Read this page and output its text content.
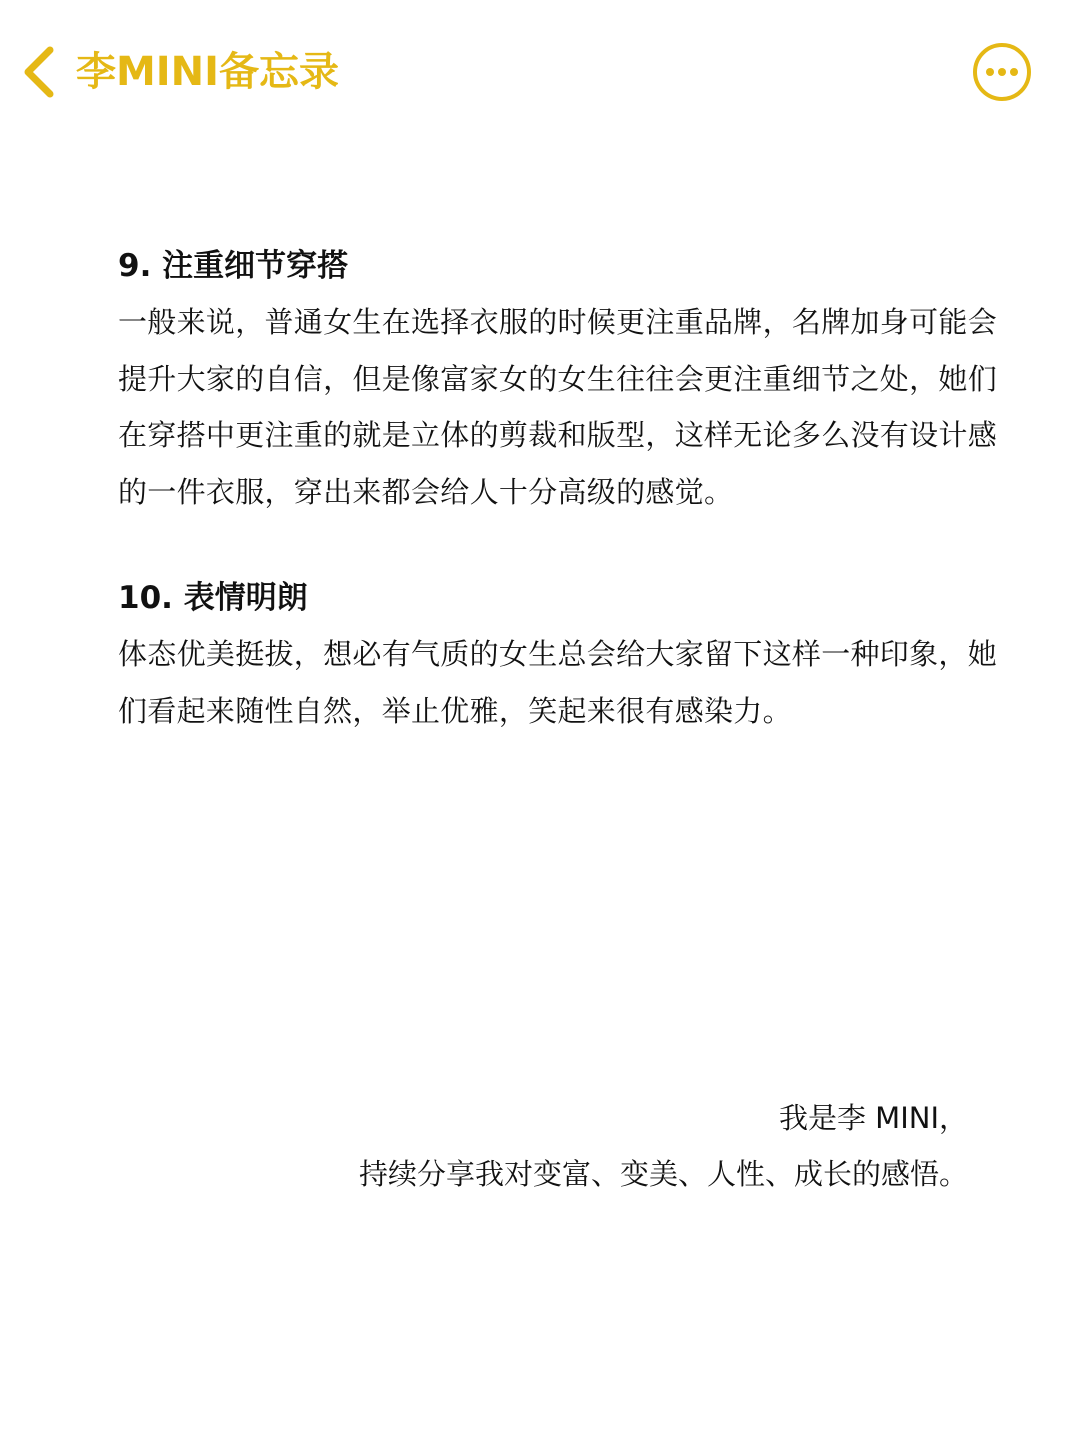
李MINI备忘录

9. 注重细节穿搭

一般来说，普通女生在选择衣服的时候更注重品牌，名牌加身可能会提升大家的自信，但是像富家女的女生往往会更注重细节之处，她们在穿搭中更注重的就是立体的剪裁和版型，这样无论多么没有设计感的一件衣服，穿出来都会给人十分高级的感觉。

10. 表情明朗

体态优美挺拔，想必有气质的女生总会给大家留下这样一种印象，她们看起来随性自然，举止优雅，笑起来很有感染力。

我是李 MINI，
持续分享我对变富、变美、人性、成长的感悟。
